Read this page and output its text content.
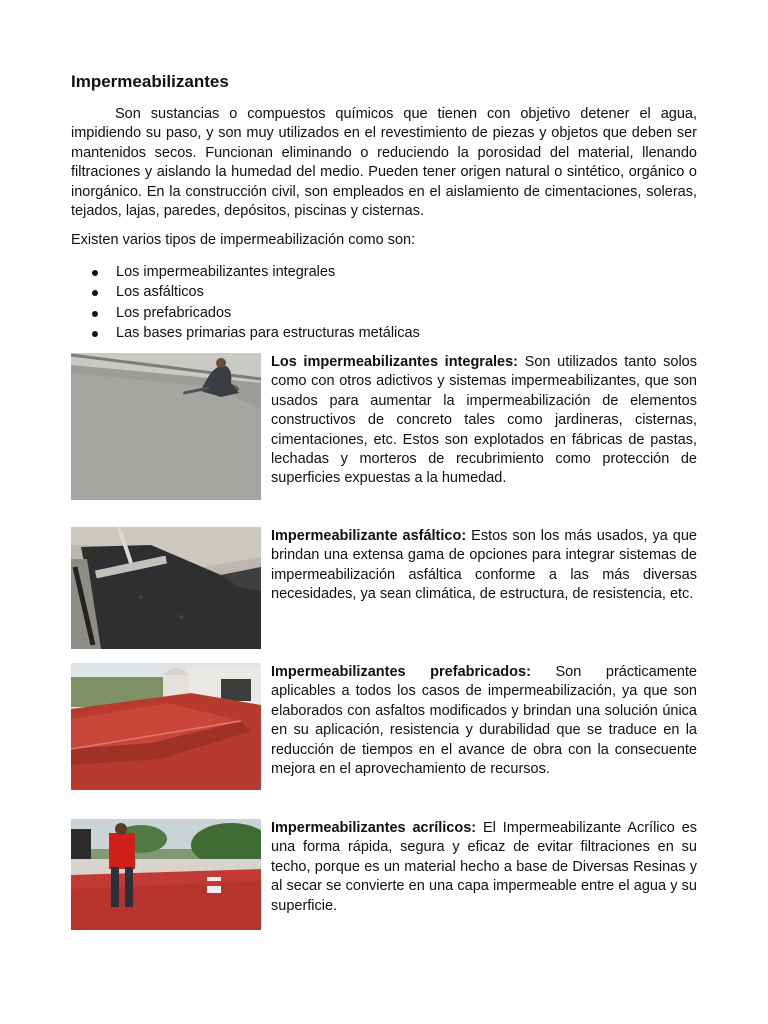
Impermeabilizantes

Son sustancias o compuestos químicos que tienen con objetivo detener el agua, impidiendo su paso, y son muy utilizados en el revestimiento de piezas y objetos que deben ser mantenidos secos. Funcionan eliminando o reduciendo la porosidad del material, llenando filtraciones y aislando la humedad del medio. Pueden tener origen natural o sintético, orgánico o inorgánico. En la construcción civil, son empleados en el aislamiento de cimentaciones, soleras, tejados, lajas, paredes, depósitos, piscinas y cisternas.

Existen varios tipos de impermeabilización como son:

Los impermeabilizantes integrales
Los asfálticos
Los prefabricados
Las bases primarias para estructuras metálicas

Los impermeabilizantes integrales: Son utilizados tanto solos como con otros adictivos y sistemas impermeabilizantes, que son usados para aumentar la impermeabilización de elementos constructivos de concreto tales como jardineras, cisternas, cimentaciones, etc. Estos son explotados en fábricas de pastas, lechadas y morteros de recubrimiento como protección de superficies expuestas a la humedad.

Impermeabilizante asfáltico: Estos son los más usados, ya que brindan una extensa gama de opciones para integrar sistemas de impermeabilización asfáltica conforme a las más diversas necesidades, ya sean climática, de estructura, de resistencia, etc.

Impermeabilizantes prefabricados: Son prácticamente aplicables a todos los casos de impermeabilización, ya que son elaborados con asfaltos modificados y brindan una solución única en su aplicación, resistencia y durabilidad que se traduce en la reducción de tiempos en el avance de obra con la consecuente mejora en el aprovechamiento de recursos.

Impermeabilizantes acrílicos: El Impermeabilizante Acrílico es una forma rápida, segura y eficaz de evitar filtraciones en su techo, porque es un material hecho a base de Diversas Resinas y al secar se convierte en una capa impermeable entre el agua y su superficie.
